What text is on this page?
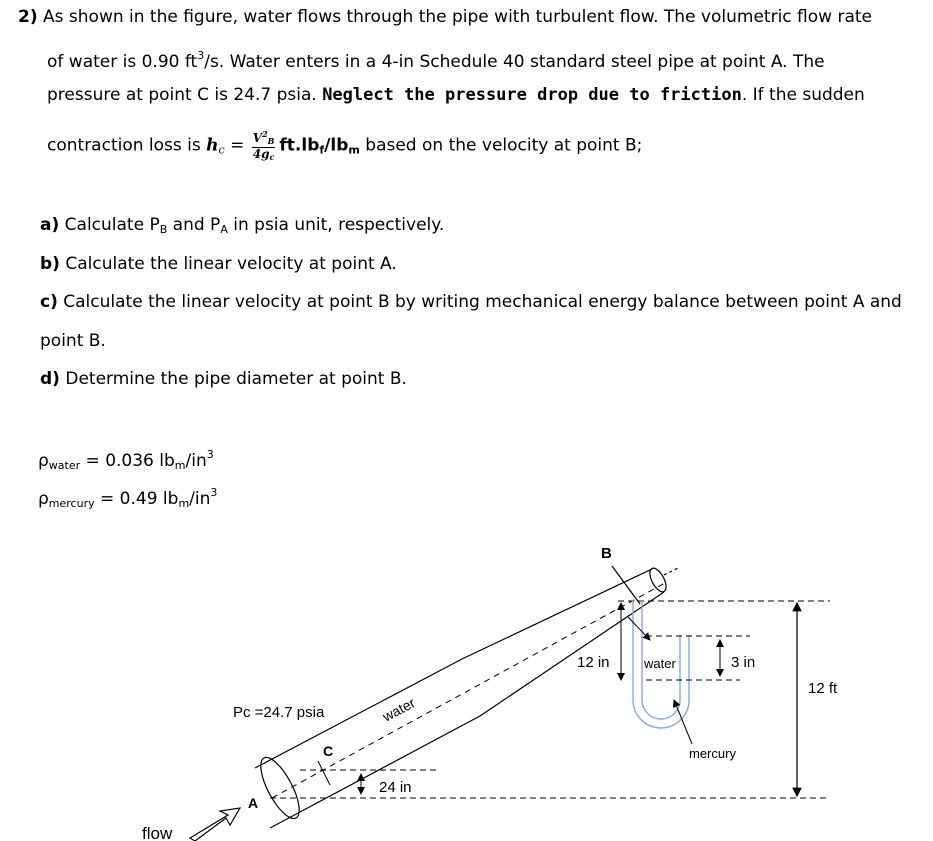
2) As shown in the figure, water flows through the pipe with turbulent flow. The volumetric flow rate
of water is 0.90 $ft^3/s$. Water enters in a 4-in Schedule 40 standard steel pipe at point A. The
pressure at point C is 24.7 psia. Neglect the pressure drop due to friction. If the sudden
contraction loss is $h_c = \frac{V^2B}{4gc} ft.lb_f/lb_m$ based on the velocity at point B;
a) Calculate $P_B$ and $P_A$ in psia unit, respectively.
b) Calculate the linear velocity at point A.
c) Calculate the linear velocity at point B by writing mechanical energy balance between point A and
point B.
d) Determine the pipe diameter at point B.
$\rho_{water} = 0.036$ $lb_m/in^3$
$\rho_{mercury} = 0.49$ $lb_m/in^3$
B
C
Pc =24.7 psia	water
A
flow
24 in
12 ft
12 in	3 in
water
mercury
